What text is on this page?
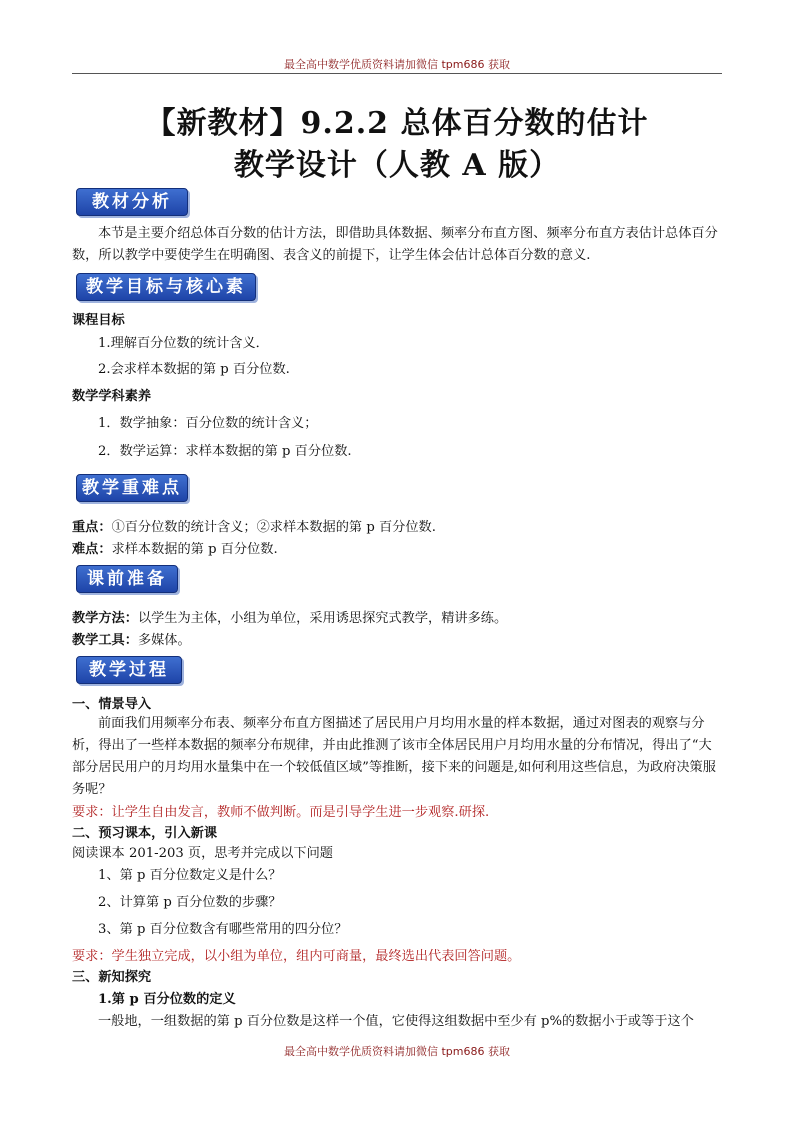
最全高中数学优质资料请加微信 tpm686 获取
【新教材】9.2.2 总体百分数的估计
教学设计（人教 A 版）
教材分析
本节是主要介绍总体百分数的估计方法，即借助具体数据、频率分布直方图、频率分布直方表估计总体百分数，所以教学中要使学生在明确图、表含义的前提下，让学生体会估计总体百分数的意义.
教学目标与核心素养
课程目标
1.理解百分位数的统计含义．
2.会求样本数据的第 p 百分位数.
数学学科素养
1．数学抽象：百分位数的统计含义；
2．数学运算：求样本数据的第 p 百分位数.
教学重难点
重点：①百分位数的统计含义；②求样本数据的第 p 百分位数.
难点：求样本数据的第 p 百分位数.
课前准备
教学方法：以学生为主体，小组为单位，采用诱思探究式教学，精讲多练。
教学工具：多媒体。
教学过程
一、情景导入
前面我们用频率分布表、频率分布直方图描述了居民用户月均用水量的样本数据，通过对图表的观察与分析，得出了一些样本数据的频率分布规律，并由此推测了该市全体居民用户月均用水量的分布情况，得出了“大部分居民用户的月均用水量集中在一个较低值区域”等推断，接下来的问题是,如何利用这些信息，为政府决策服务呢？
要求：让学生自由发言，教师不做判断。而是引导学生进一步观察.研探.
二、预习课本，引入新课
阅读课本 201-203 页，思考并完成以下问题
1、第 p 百分位数定义是什么？
2、计算第 p 百分位数的步骤？
3、第 p 百分位数含有哪些常用的四分位？
要求：学生独立完成，以小组为单位，组内可商量，最终选出代表回答问题。
三、新知探究
1.第 p 百分位数的定义
一般地，一组数据的第 p 百分位数是这样一个值，它使得这组数据中至少有 p%的数据小于或等于这个
最全高中数学优质资料请加微信 tpm686 获取
